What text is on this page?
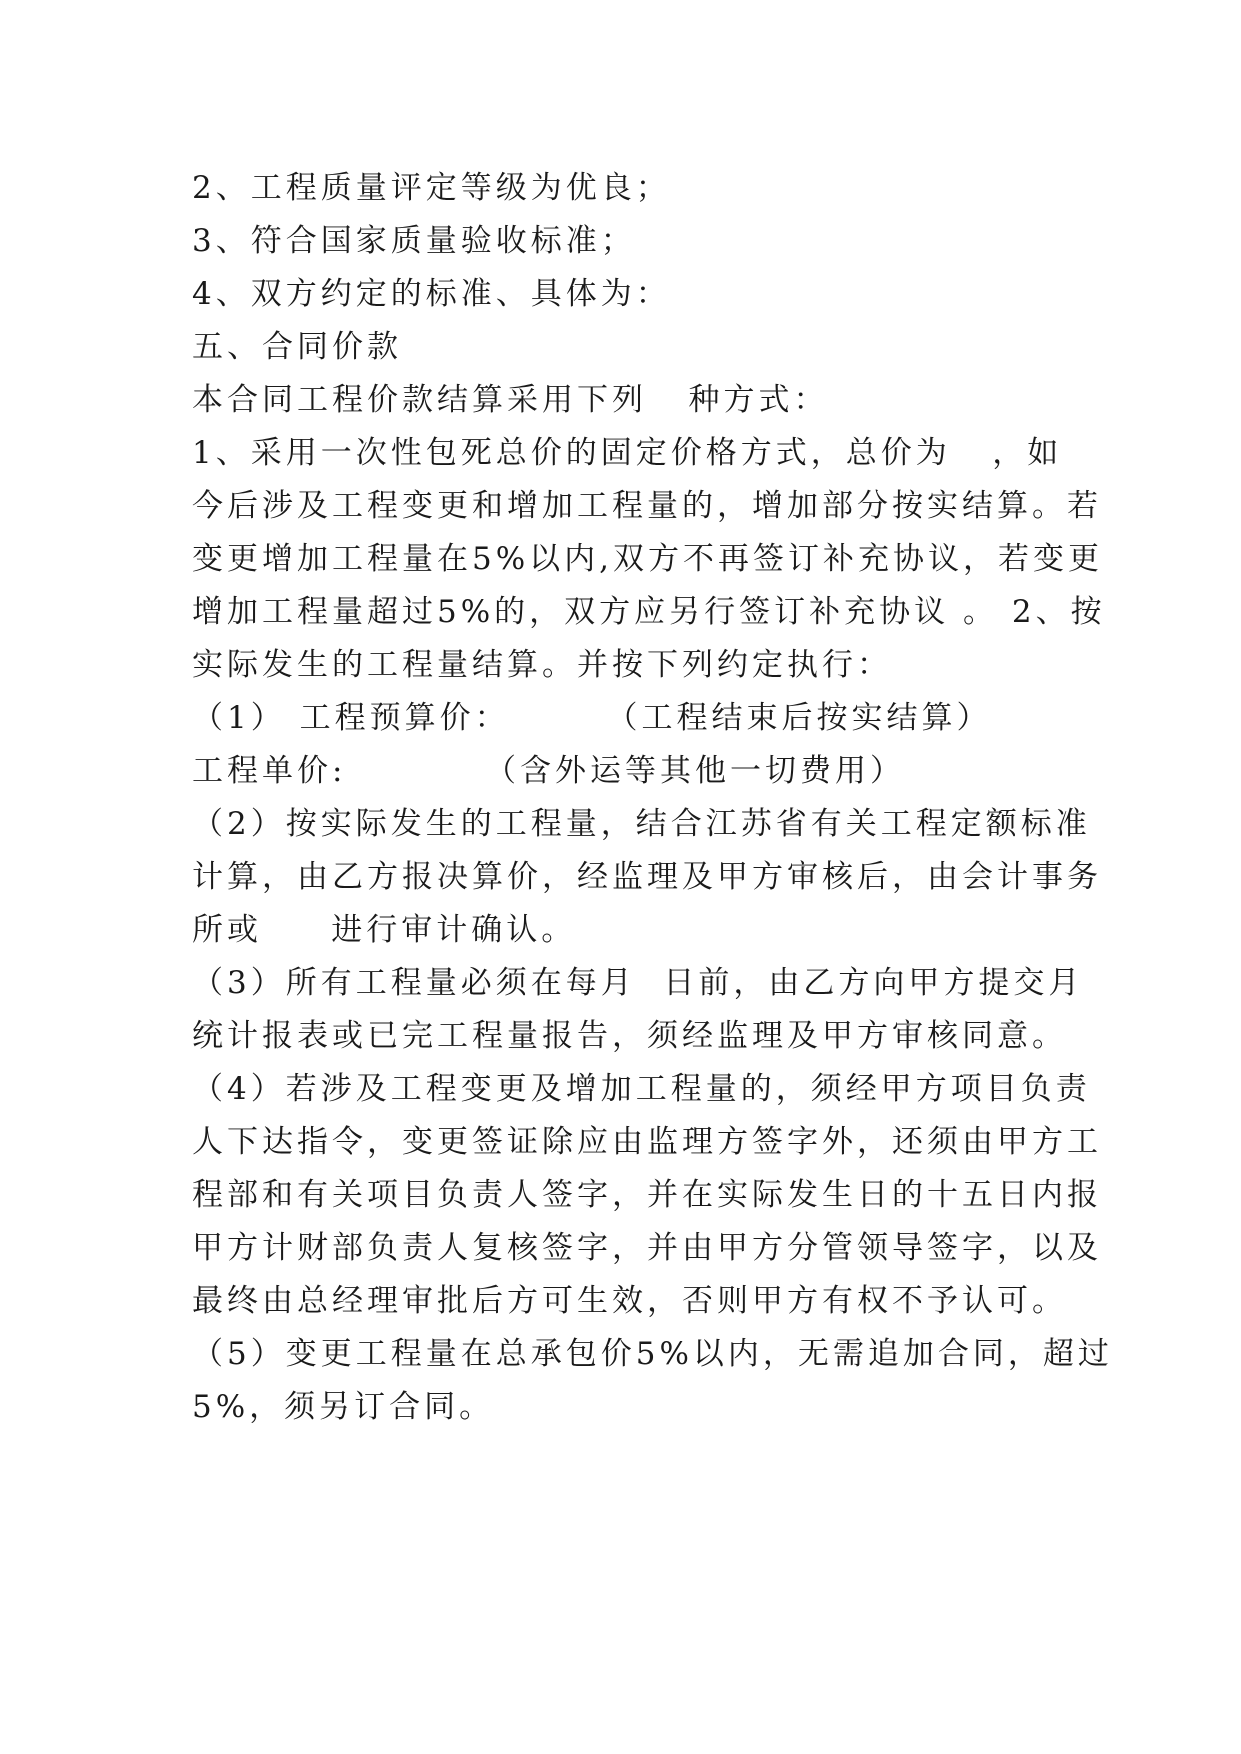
2、工程质量评定等级为优良；
3、符合国家质量验收标准；
4、双方约定的标准、具体为：
五、合同价款
本合同工程价款结算采用下列   种方式：
1、采用一次性包死总价的固定价格方式，总价为   ，如
今后涉及工程变更和增加工程量的，增加部分按实结算。若
变更增加工程量在5%以内,双方不再签订补充协议，若变更
增加工程量超过5%的，双方应另行签订补充协议 。 2、按
实际发生的工程量结算。并按下列约定执行：
（1） 工程预算价：       （工程结束后按实结算）
工程单价:          （含外运等其他一切费用）
（2）按实际发生的工程量，结合江苏省有关工程定额标准
计算，由乙方报决算价，经监理及甲方审核后，由会计事务
所或     进行审计确认。
（3）所有工程量必须在每月  日前，由乙方向甲方提交月
统计报表或已完工程量报告，须经监理及甲方审核同意。
（4）若涉及工程变更及增加工程量的，须经甲方项目负责
人下达指令，变更签证除应由监理方签字外，还须由甲方工
程部和有关项目负责人签字，并在实际发生日的十五日内报
甲方计财部负责人复核签字，并由甲方分管领导签字，以及
最终由总经理审批后方可生效，否则甲方有权不予认可。
（5）变更工程量在总承包价5%以内，无需追加合同，超过
5%，须另订合同。
